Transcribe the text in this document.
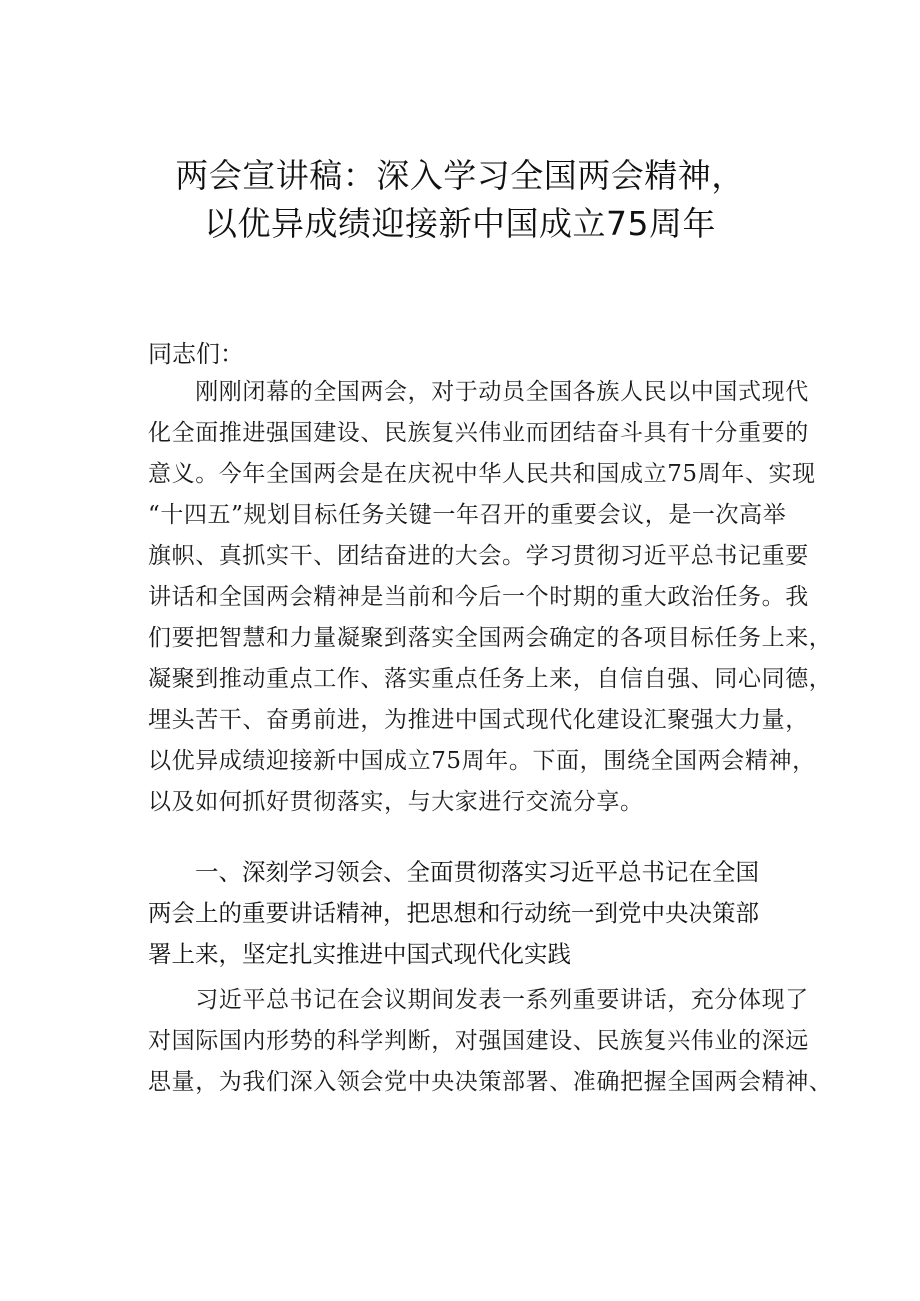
两会宣讲稿：深入学习全国两会精神，
以优异成绩迎接新中国成立75周年
同志们：
　　刚刚闭幕的全国两会，对于动员全国各族人民以中国式现代
化全面推进强国建设、民族复兴伟业而团结奋斗具有十分重要的
意义。今年全国两会是在庆祝中华人民共和国成立75周年、实现
“十四五”规划目标任务关键一年召开的重要会议，是一次高举
旗帜、真抓实干、团结奋进的大会。学习贯彻习近平总书记重要
讲话和全国两会精神是当前和今后一个时期的重大政治任务。我
们要把智慧和力量凝聚到落实全国两会确定的各项目标任务上来，
凝聚到推动重点工作、落实重点任务上来，自信自强、同心同德，
埋头苦干、奋勇前进，为推进中国式现代化建设汇聚强大力量，
以优异成绩迎接新中国成立75周年。下面，围绕全国两会精神，
以及如何抓好贯彻落实，与大家进行交流分享。
　　一、深刻学习领会、全面贯彻落实习近平总书记在全国
两会上的重要讲话精神，把思想和行动统一到党中央决策部
署上来，坚定扎实推进中国式现代化实践
　　习近平总书记在会议期间发表一系列重要讲话，充分体现了
对国际国内形势的科学判断，对强国建设、民族复兴伟业的深远
思量，为我们深入领会党中央决策部署、准确把握全国两会精神、
